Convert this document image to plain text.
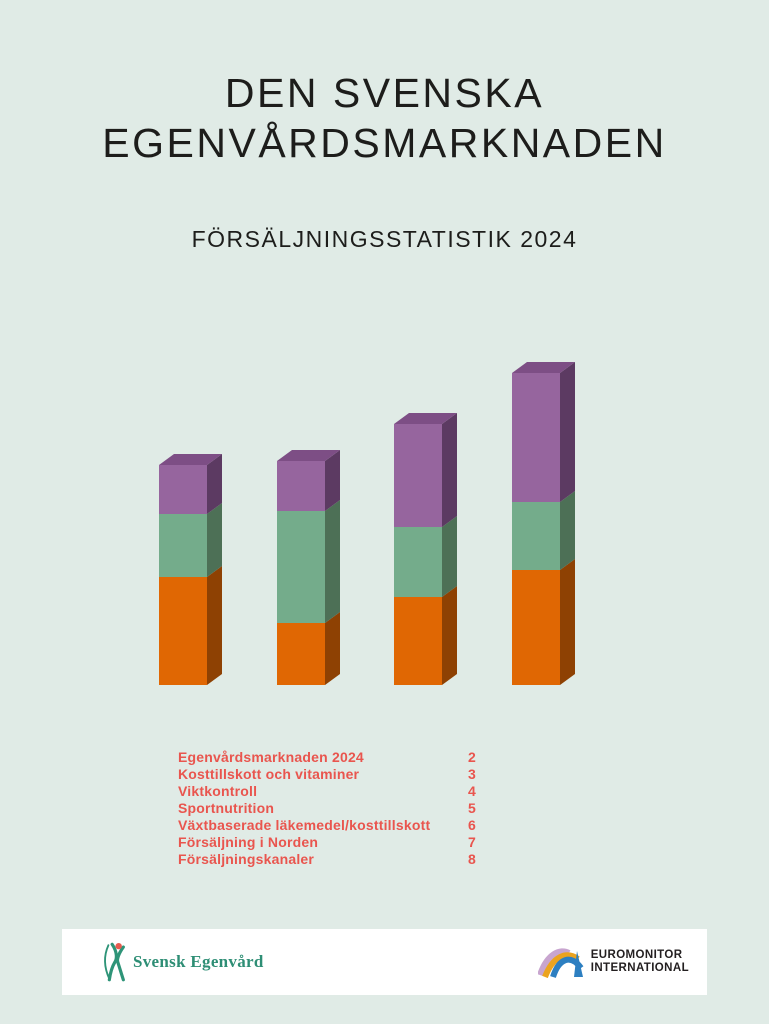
DEN SVENSKA
EGENVÅRDSMARKNADEN
FÖRSÄLJNINGSSTATISTIK 2024
Egenvårdsmarknaden 2024	2
Kosttillskott och vitaminer	3
Viktkontroll	4
Sportnutrition	5
Växtbaserade läkemedel/kosttillskott	6
Försäljning i Norden	7
Försäljningskanaler	8
Svensk Egenvård	EUROMONITOR
INTERNATIONAL
